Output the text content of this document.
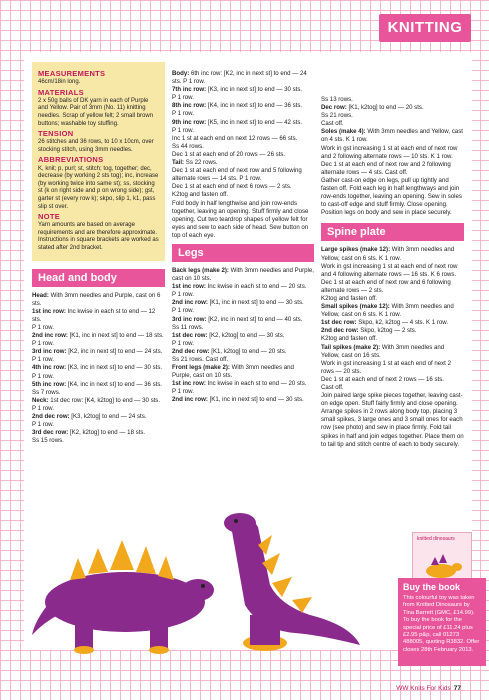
KNITTING
MEASUREMENTS

46cm/18in long.

MATERIALS

2 x 50g balls of DK yarn in each of Purple and Yellow. Pair of 3mm (No. 11) knitting needles. Scrap of yellow felt; 2 small brown buttons; washable toy stuffing.

TENSION

26 stitches and 36 rows, to 10 x 10cm, over stocking stitch, using 3mm needles.

ABBREVIATIONS

K, knit; p, purl; st, stitch; tog, together; dec, decrease (by working 2 sts tog); inc, increase (by working twice into same st); ss, stocking st (k on right side and p on wrong side); gst, garter st (every row k); skpo, slip 1, k1, pass slip st over.

NOTE

Yarn amounts are based on average requirements and are therefore approximate. Instructions in square brackets are worked as stated after 2nd bracket.

Head and body

Head: With 3mm needles and Purple, cast on 6 sts.

1st inc row: Inc kwise in each st to end — 12 sts.

P 1 row.

2nd inc row: [K1, inc in next st] to end — 18 sts.

P 1 row.

3rd inc row: [K2, inc in next st] to end — 24 sts.

P 1 row.

4th inc row: [K3, inc in next st] to end — 30 sts.

P 1 row.

5th inc row: [K4, inc in next st] to end — 36 sts.

Ss 7 rows.

Neck: 1st dec row: [K4, k2tog] to end — 30 sts.

P 1 row.

2nd dec row: [K3, k2tog] to end — 24 sts.

P 1 row.

3rd dec row: [K2, k2tog] to end — 18 sts.

Ss 15 rows.

Body: 6th inc row: [K2, inc in next st] to end — 24 sts. P 1 row.

7th inc row: [K3, inc in next st] to end — 30 sts.

P 1 row.

8th inc row: [K4, inc in next st] to end — 36 sts.

P 1 row.

9th inc row: [K5, inc in next st] to end — 42 sts.

P 1 row.

Inc 1 st at each end on next 12 rows — 66 sts.

Ss 44 rows.

Dec 1 st at each end of 20 rows — 26 sts.

Tail: Ss 22 rows.

Dec 1 st at each end of next row and 5 following alternate rows — 14 sts. P 1 row.

Dec 1 st at each end of next 6 rows — 2 sts.

K2tog and fasten off.

Fold body in half lengthwise and join row-ends together, leaving an opening. Stuff firmly and close opening. Cut two teardrop shapes of yellow felt for eyes and sew to each side of head. Sew button on top of each eye.

Legs

Back legs (make 2): With 3mm needles and Purple, cast on 10 sts.

1st inc row: Inc kwise in each st to end — 20 sts.

P 1 row.

2nd inc row: [K1, inc in next st] to end — 30 sts.

P 1 row.

3rd inc row: [K2, inc in next st] to end — 40 sts.

Ss 11 rows.

1st dec row: [K2, k2tog] to end — 30 sts.

P 1 row.

2nd dec row: [K1, k2tog] to end — 20 sts.

Ss 21 rows. Cast off.

Front legs (make 2): With 3mm needles and Purple, cast on 10 sts.

1st inc row: Inc kwise in each st to end — 20 sts.

P 1 row.

2nd inc row: [K1, inc in next st] to end — 30 sts.

Ss 13 rows.

Dec row: [K1, k2tog] to end — 20 sts.

Ss 21 rows.

Cast off.

Soles (make 4): With 3mm needles and Yellow, cast on 4 sts. K 1 row.

Work in gst increasing 1 st at each end of next row and 2 following alternate rows — 10 sts. K 1 row.

Dec 1 st at each end of next row and 2 following alternate rows — 4 sts. Cast off.

Gather cast-on edge on legs, pull up tightly and fasten off. Fold each leg in half lengthways and join row-ends together, leaving an opening. Sew in soles to cast-off edge and stuff firmly. Close opening. Position legs on body and sew in place securely.

Spine plate

Large spikes (make 12): With 3mm needles and Yellow, cast on 6 sts. K 1 row.

Work in gst increasing 1 st at each end of next row and 4 following alternate rows — 16 sts. K 6 rows.

Dec 1 st at each end of next row and 6 following alternate rows — 2 sts.

K2tog and fasten off.

Small spikes (make 12): With 3mm needles and Yellow, cast on 6 sts. K 1 row.

1st dec row: Skpo, k2, k2tog — 4 sts. K 1 row.

2nd dec row: Skpo, k2tog — 2 sts.

K2tog and fasten off.

Tail spikes (make 2): With 3mm needles and Yellow, cast on 16 sts.

Work in gst increasing 1 st at each end of next 2 rows — 20 sts.

Dec 1 st at each end of next 2 rows — 16 sts.

Cast off.

Join paired large spike pieces together, leaving cast-on edge open. Stuff fairly firmly and close opening. Arrange spikes in 2 rows along body top, placing 3 small spikes, 3 large ones and 3 small ones for each row (see photo) and sew in place firmly. Fold tail spikes in half and join edges together. Place them on to tail tip and stitch centre of each to body securely.

knitted dinosaurs
Buy the book
This colourful toy was taken from Knitted Dinosaurs by Tina Barrett (GMC, £14.99). To buy the book for the special price of £11.24 plus £2.95 p&p, call 01273 488005, quoting R3832. Offer closes 28th February 2013.
WW Knits For Kids 77
